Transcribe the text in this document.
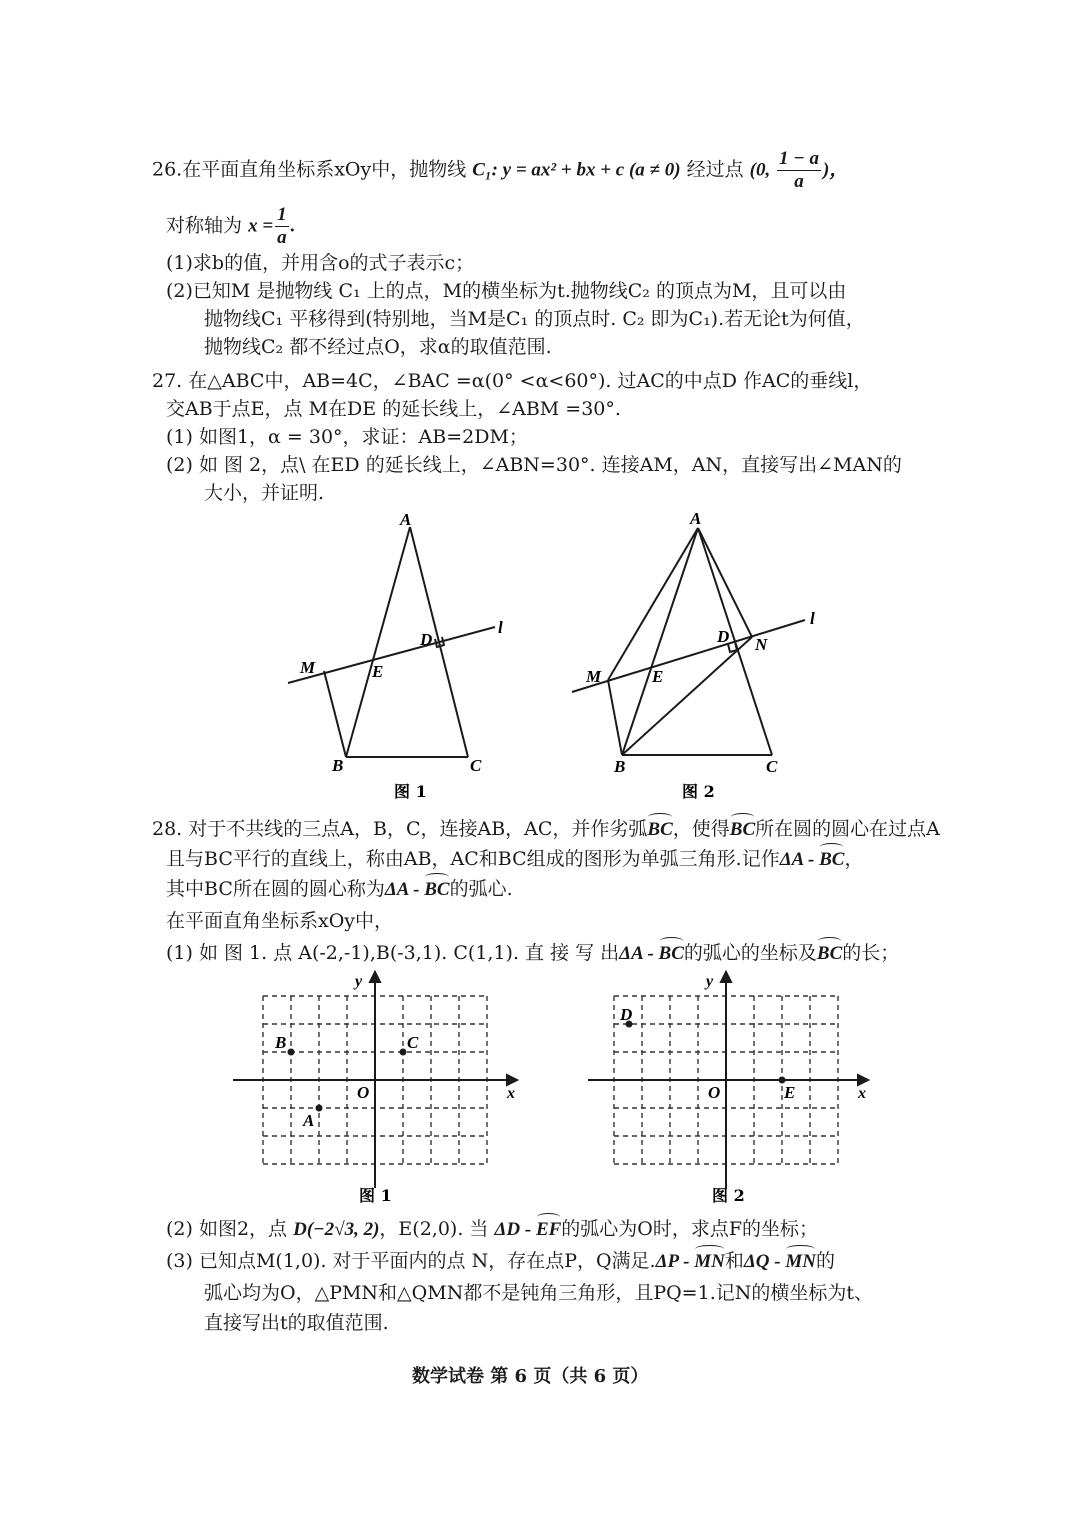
26.在平面直角坐标系xOy中，抛物线 C₁: y = ax² + bx + c (a ≠ 0) 经过点 (0, $\frac{1 - a}{a}$ )，
对称轴为 $x = \frac{1}{a}$ .
(1)求b的值，并用含o的式子表示c；
(2)已知M 是抛物线 C₁ 上的点，M的横坐标为t.抛物线C₂ 的顶点为M，且可以由
抛物线C₁ 平移得到(特别地，当M是C₁ 的顶点时. C₂ 即为C₁).若无论t为何值，
抛物线C₂ 都不经过点O，求α的取值范围.
27. 在△ABC中，AB=4C，∠BAC =α(0° <α<60°). 过AC的中点D 作AC的垂线l，
交AB于点E，点 M在DE 的延长线上，∠ABM =30°.
(1) 如图1，α = 30°，求证：AB=2DM；
(2) 如 图 2，点\ 在ED 的延长线上，∠ABN=30°. 连接AM，AN，直接写出∠MAN的
大小，并证明.
A
D
l
M	E
B	C
图 1
A
D N
l
M	E
B	C
图 2
28. 对于不共线的三点A，B，C，连接AB，AC，并作劣弧BC，使得BC所在圆的圆心在过点A
且与BC平行的直线上，称由AB，AC和BC组成的图形为单弧三角形.记作ΔA - BC，
其中BC所在圆的圆心称为ΔA - BC的弧心.
在平面直角坐标系xOy中，
(1) 如 图 1. 点 A(-2,-1),B(-3,1). C(1,1). 直 接 写 出ΔA - BC的弧心的坐标及BC的长；
x
y
O
A
B	C
图 1
x
y
O
D
E
图 2
(2) 如图2，点 D(−2√3, 2)，E(2,0). 当 ΔD - EF的弧心为O时，求点F的坐标；
(3) 已知点M(1,0). 对于平面内的点 N，存在点P，Q满足.ΔP - MN和ΔQ - MN的
弧心均为O，△PMN和△QMN都不是钝角三角形，且PQ=1.记N的横坐标为t、
直接写出t的取值范围.
数学试卷 第 6 页（共 6 页）
